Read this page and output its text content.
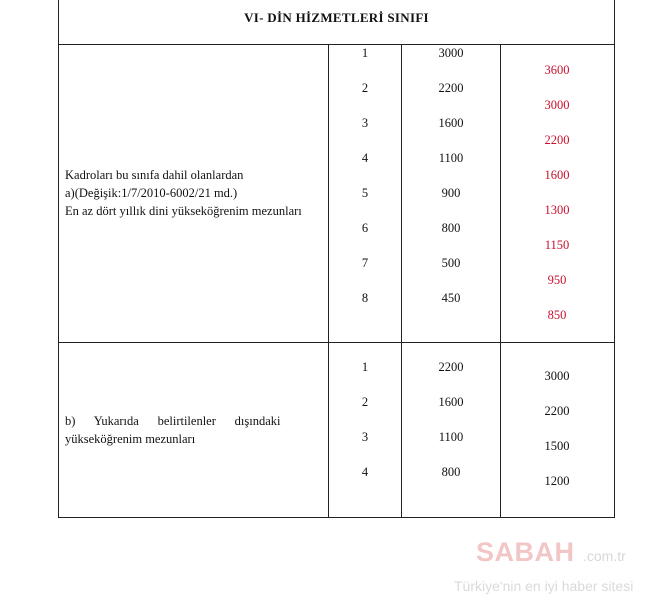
VI- DİN HİZMETLERİ SINIFI
Kadroları bu sınıfa dahil olanlardan
a)(Değişik:1/7/2010-6002/21 md.)
En az dört yıllık dini yükseköğrenim mezunları
1
2
3
4
5
6
7
8
3000
2200
1600
1100
900
800
500
450
3600
3000
2200
1600
1300
1150
950
850
b)      Yukarıda      belirtilenler      dışındaki
yükseköğrenim mezunları
1
2
3
4
2200
1600
1100
800
3000
2200
1500
1200
SABAH .com.tr
Türkiye'nin en iyi haber sitesi
